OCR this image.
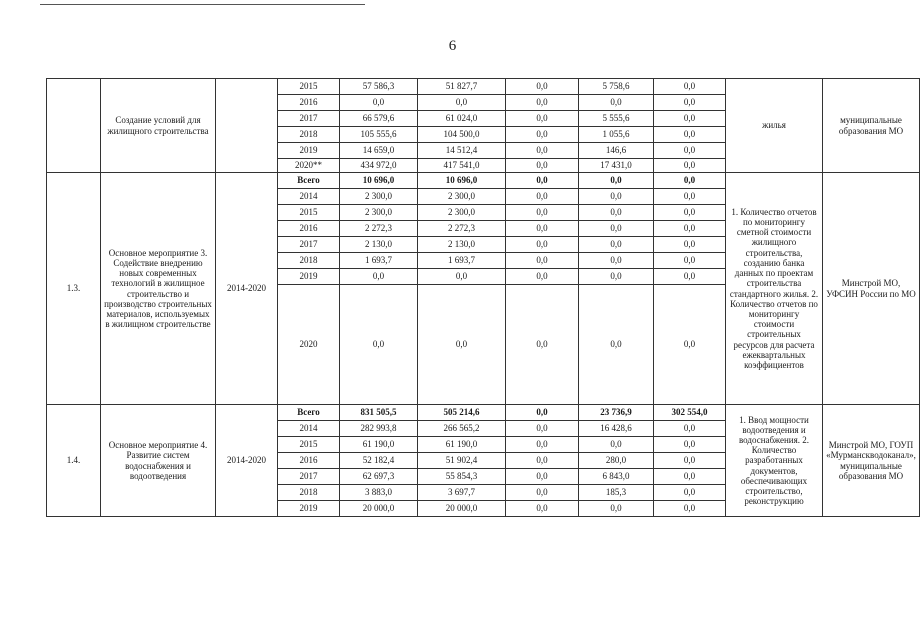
6
	Создание условий для жилищного строительства		2015	57 586,3	51 827,7	0,0	5 758,6	0,0	жилья	муниципальные образования МО
			2016	0,0	0,0	0,0	0,0	0,0		
			2017	66 579,6	61 024,0	0,0	5 555,6	0,0		
			2018	105 555,6	104 500,0	0,0	1 055,6	0,0		
			2019	14 659,0	14 512,4	0,0	146,6	0,0		
			2020**	434 972,0	417 541,0	0,0	17 431,0	0,0		
1.3.	Основное мероприятие 3. Содействие внедрению новых современных технологий в жилищное строительство и производство строительных материалов, используемых в жилищном строительстве	2014-2020	Всего	10 696,0	10 696,0	0,0	0,0	0,0	1. Количество отчетов по мониторингу сметной стоимости жилищного строительства, созданию банка данных по проектам строительства стандартного жилья. 2. Количество отчетов по мониторингу стоимости строительных ресурсов для расчета ежеквартальных коэффициентов	Минстрой МО, УФСИН России по МО
			2014	2 300,0	2 300,0	0,0	0,0	0,0		
			2015	2 300,0	2 300,0	0,0	0,0	0,0		
			2016	2 272,3	2 272,3	0,0	0,0	0,0		
			2017	2 130,0	2 130,0	0,0	0,0	0,0		
			2018	1 693,7	1 693,7	0,0	0,0	0,0		
			2019	0,0	0,0	0,0	0,0	0,0		
			2020	0,0	0,0	0,0	0,0	0,0		
1.4.	Основное мероприятие 4. Развитие систем водоснабжения и водоотведения	2014-2020	Всего	831 505,5	505 214,6	0,0	23 736,9	302 554,0	1. Ввод мощности водоотведения и водоснабжения. 2. Количество разработанных документов, обеспечивающих строительство, реконструкцию	Минстрой МО, ГОУП «Мурманскводоканал», муниципальные образования МО
			2014	282 993,8	266 565,2	0,0	16 428,6	0,0		
			2015	61 190,0	61 190,0	0,0	0,0	0,0		
			2016	52 182,4	51 902,4	0,0	280,0	0,0		
			2017	62 697,3	55 854,3	0,0	6 843,0	0,0		
			2018	3 883,0	3 697,7	0,0	185,3	0,0		
			2019	20 000,0	20 000,0	0,0	0,0	0,0		
